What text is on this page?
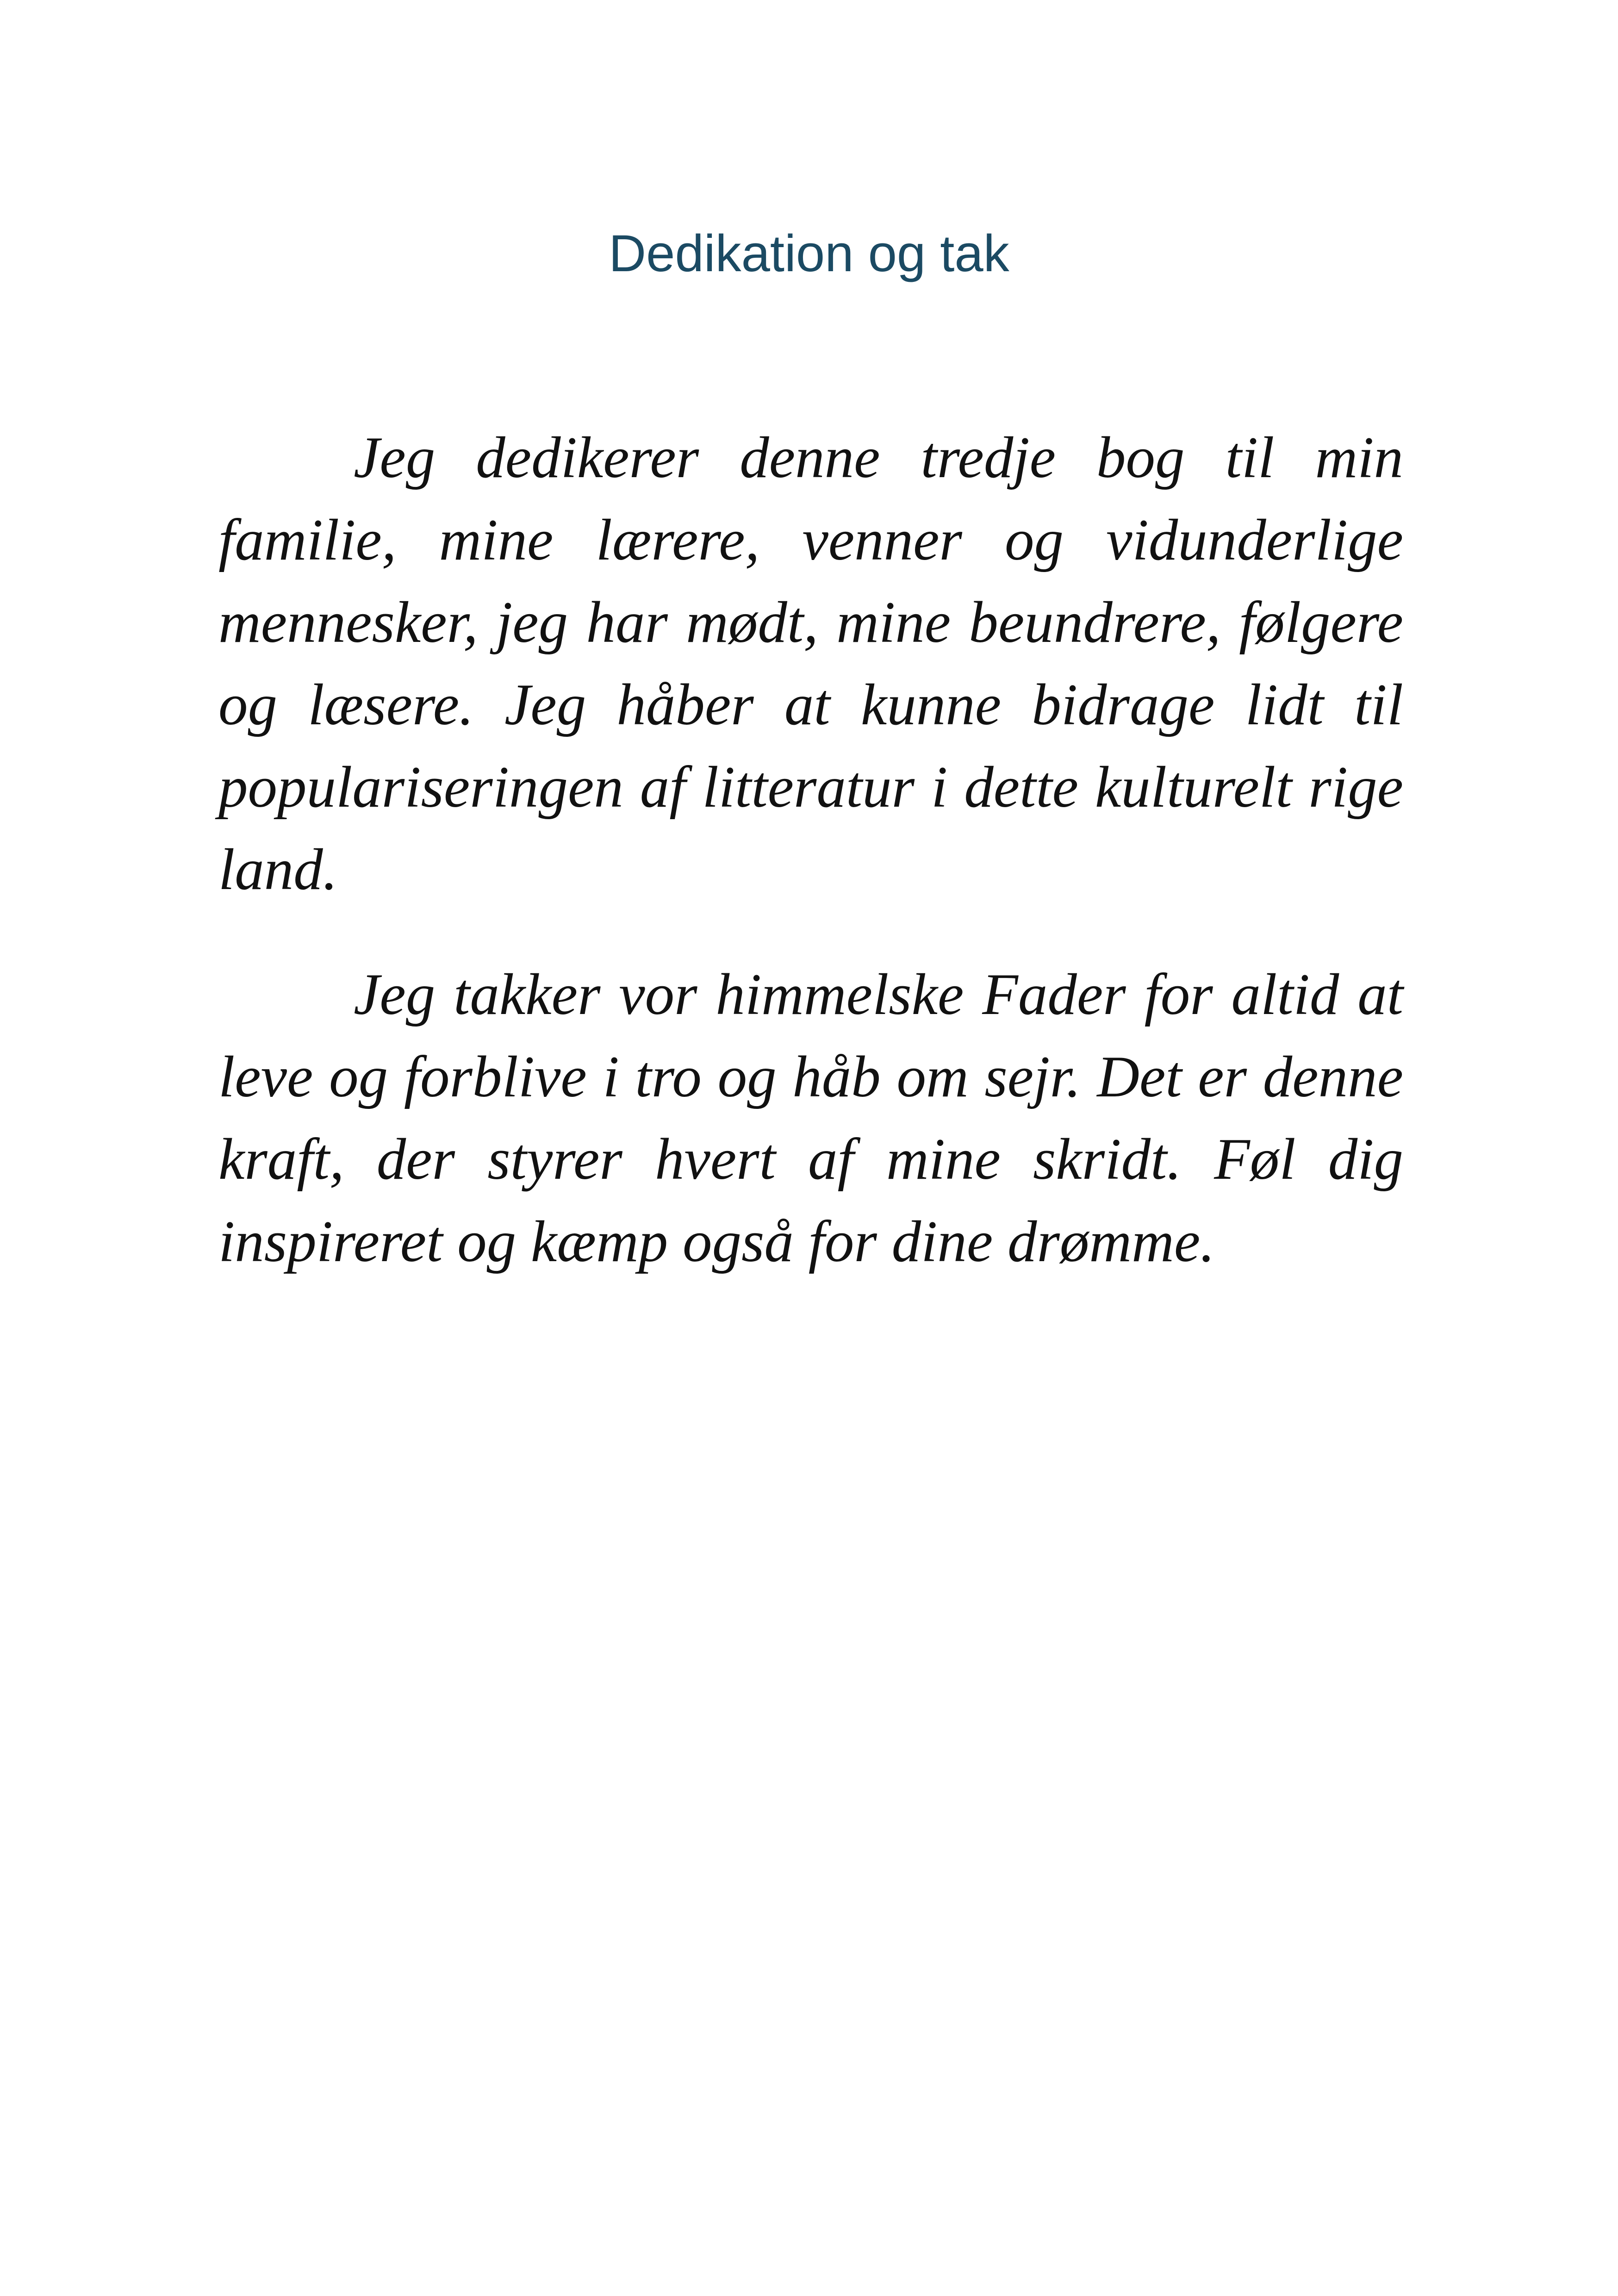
Dedikation og tak

Jeg dedikerer denne tredje bog til min familie, mine lærere, venner og vidunderlige mennesker, jeg har mødt, mine beundrere, følgere og læsere. Jeg håber at kunne bidrage lidt til populariseringen af litteratur i dette kulturelt rige land.

Jeg takker vor himmelske Fader for altid at leve og forblive i tro og håb om sejr. Det er denne kraft, der styrer hvert af mine skridt. Føl dig inspireret og kæmp også for dine drømme.
